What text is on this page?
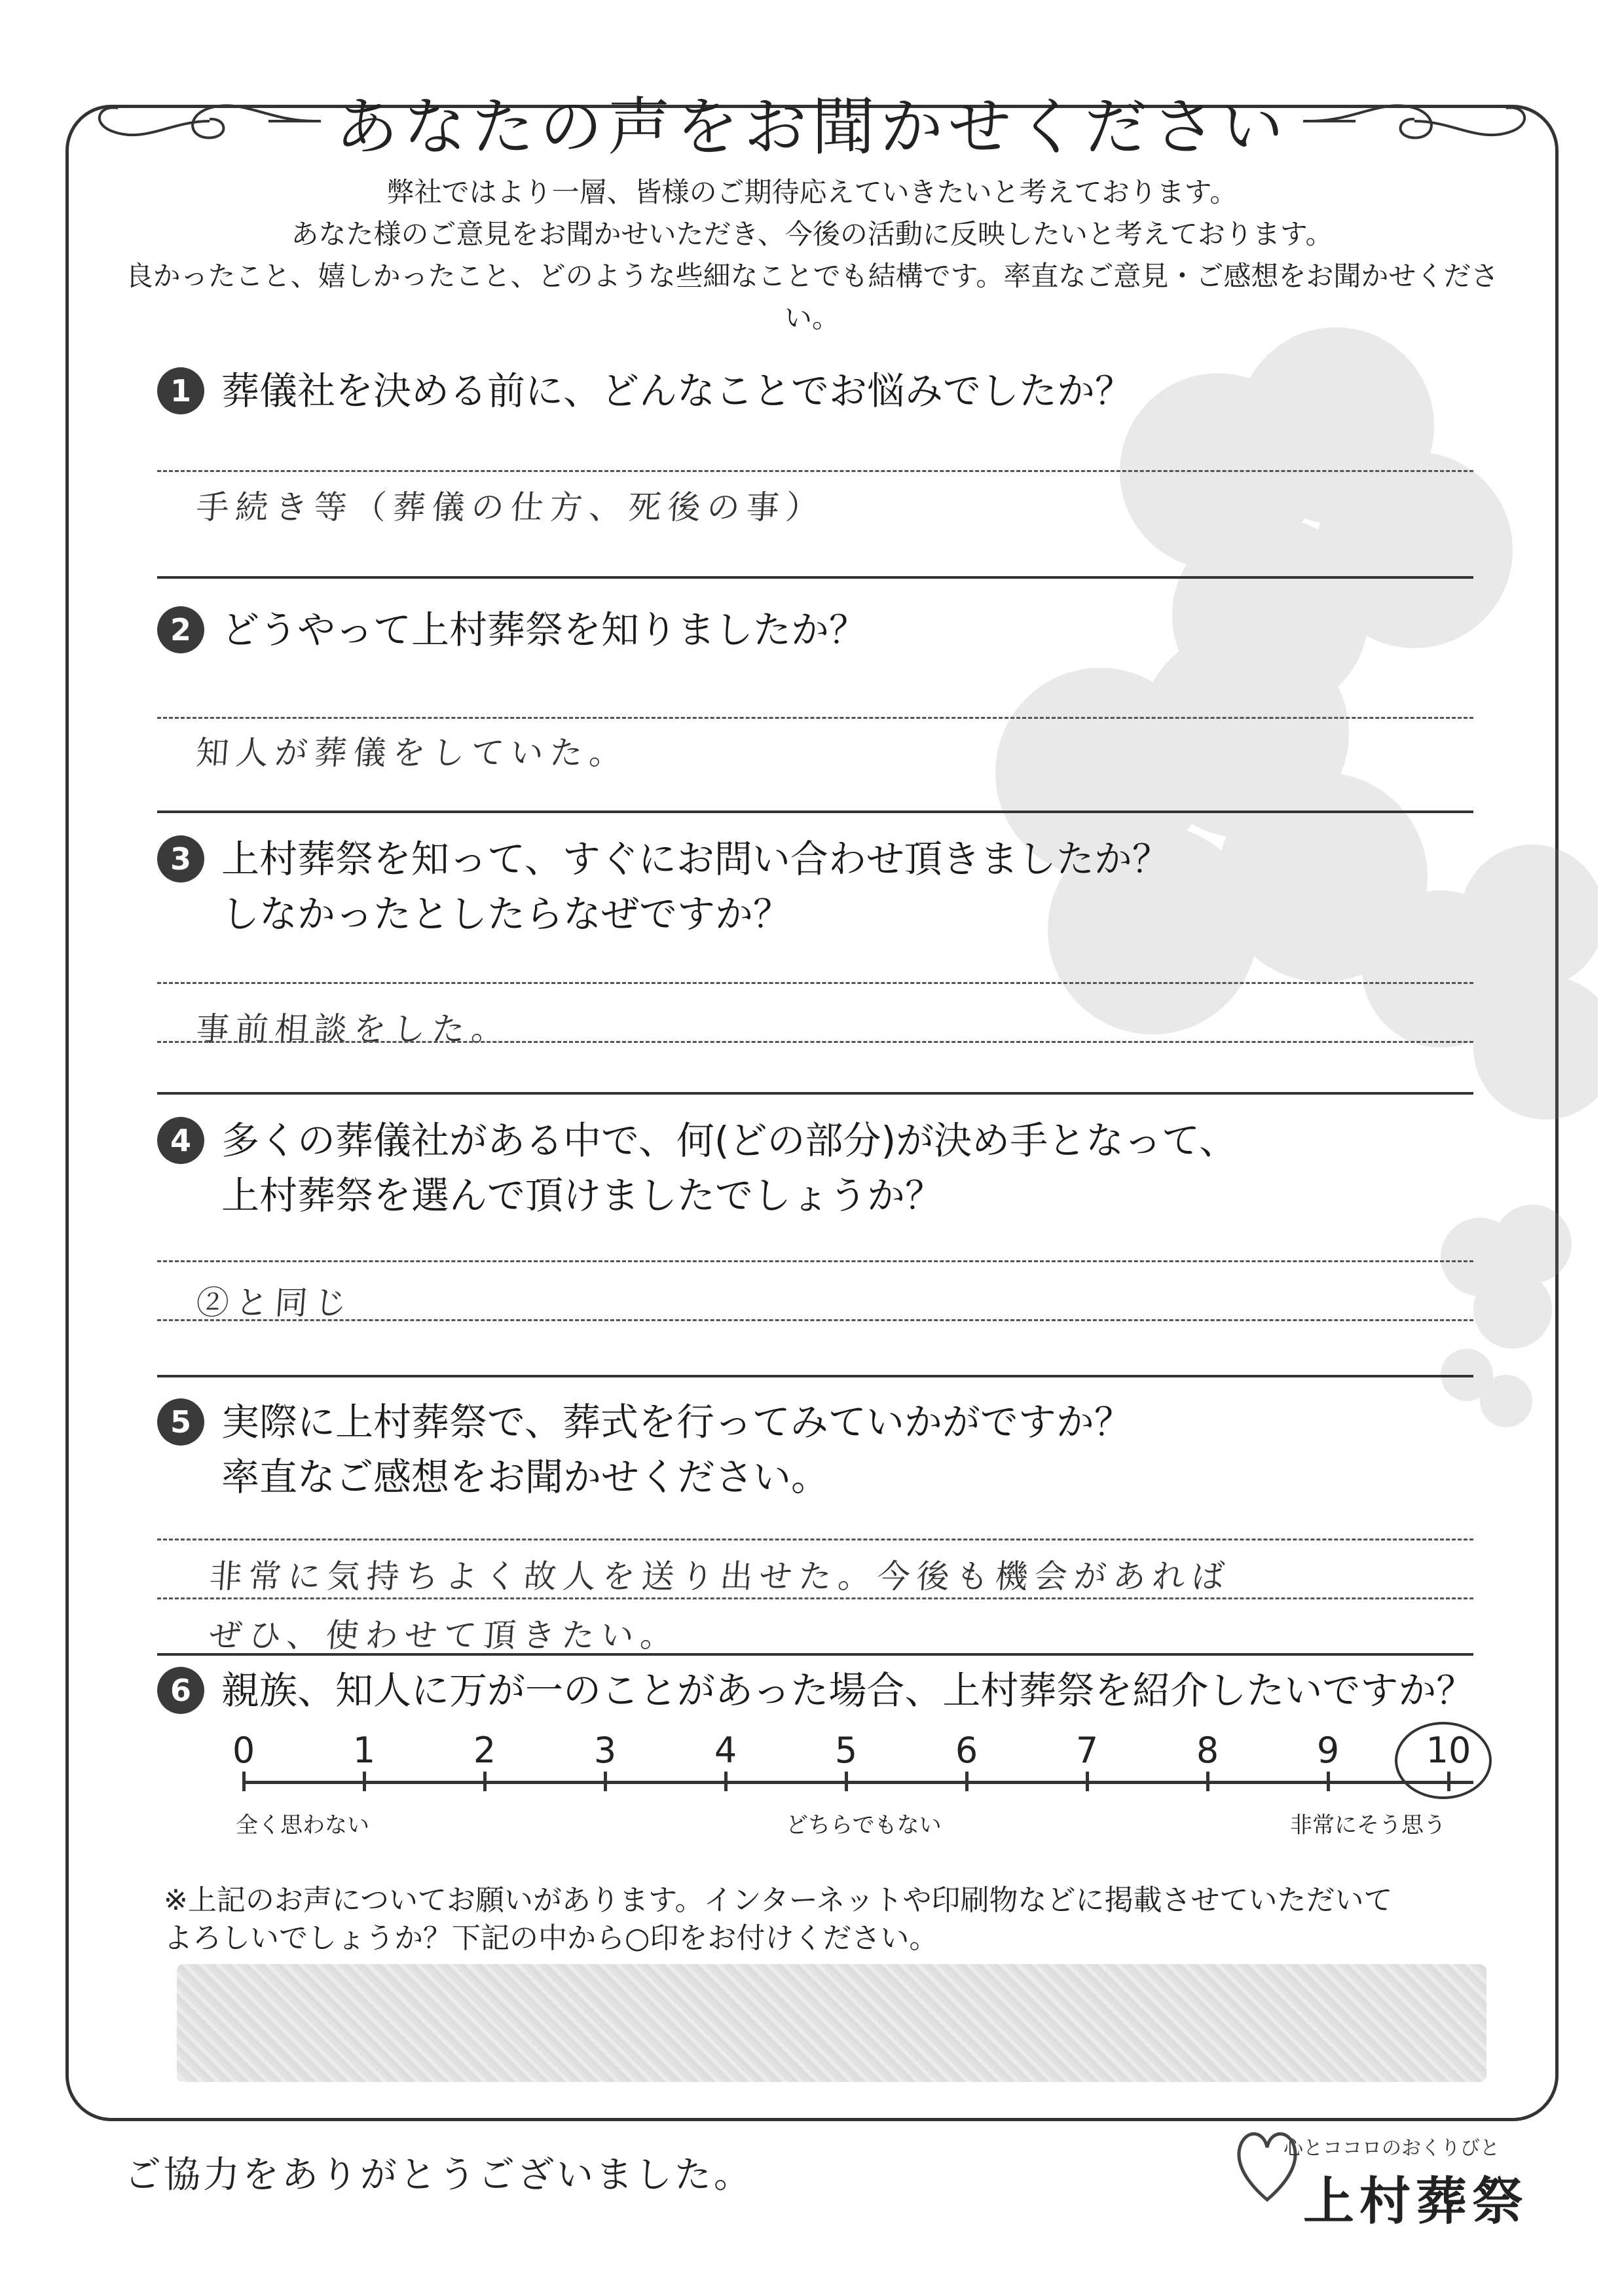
あなたの声をお聞かせください
弊社ではより一層、皆様のご期待応えていきたいと考えております。
あなた様のご意見をお聞かせいただき、今後の活動に反映したいと考えております。
良かったこと、嬉しかったこと、どのような些細なことでも結構です。率直なご意見・ご感想をお聞かせください。
1 葬儀社を決める前に、どんなことでお悩みでしたか？
手続き等（葬儀の仕方、死後の事）
2 どうやって上村葬祭を知りましたか？
知人が葬儀をしていた。
3 上村葬祭を知って、すぐにお問い合わせ頂きましたか？
しなかったとしたらなぜですか？
事前相談をした。
4 多くの葬儀社がある中で、何(どの部分)が決め手となって、
上村葬祭を選んで頂けましたでしょうか？
②と同じ
5 実際に上村葬祭で、葬式を行ってみていかがですか？
率直なご感想をお聞かせください。
非常に気持ちよく故人を送り出せた。今後も機会があれば
ぜひ、使わせて頂きたい。
6 親族、知人に万が一のことがあった場合、上村葬祭を紹介したいですか？
0	1	2	3	4	5	6	7	8	9	10
全く思わない	どちらでもない	非常にそう思う
※上記のお声についてお願いがあります。インターネットや印刷物などに掲載させていただいて
よろしいでしょうか？下記の中から○印をお付けください。
ご協力をありがとうございました。
心とココロのおくりびと
上村葬祭
